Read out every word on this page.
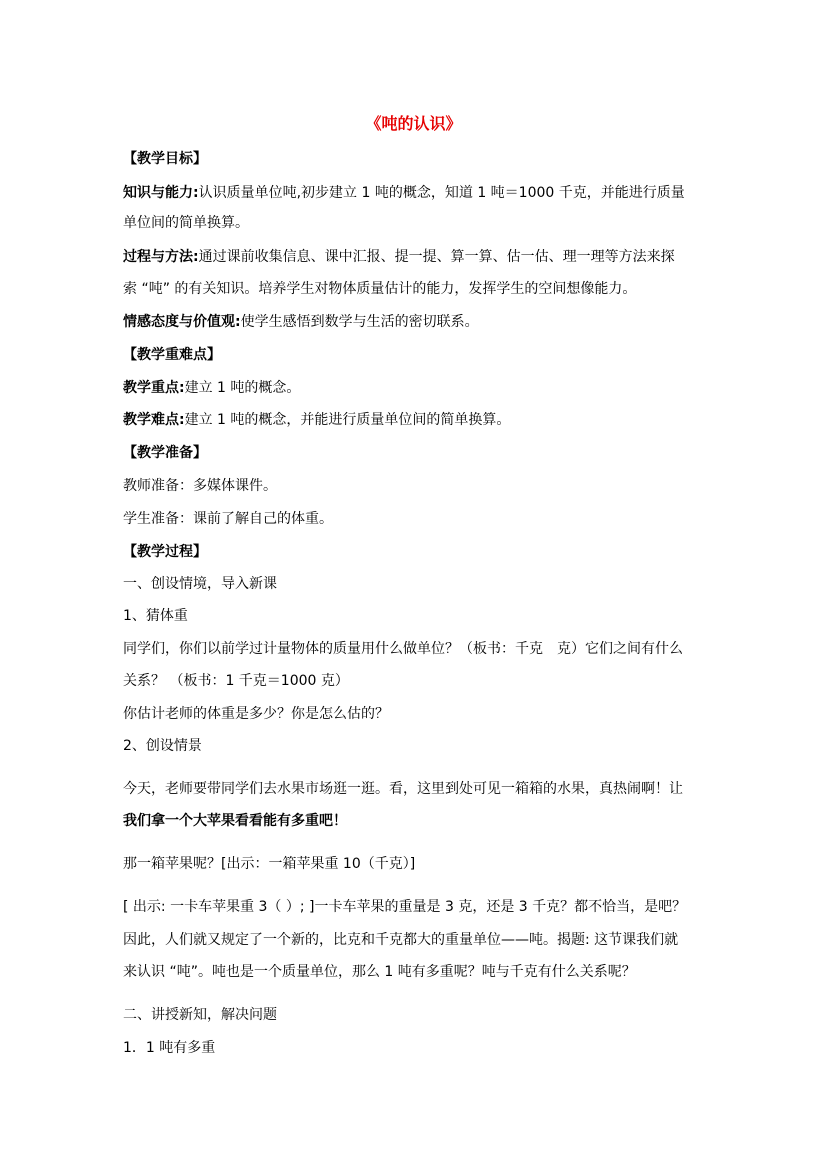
《吨的认识》
【教学目标】
知识与能力:认识质量单位吨,初步建立 1 吨的概念，知道 1 吨＝1000 千克，并能进行质量
单位间的简单换算。
过程与方法:通过课前收集信息、课中汇报、提一提、算一算、估一估、理一理等方法来探
索 “吨” 的有关知识。培养学生对物体质量估计的能力，发挥学生的空间想像能力。
情感态度与价值观:使学生感悟到数学与生活的密切联系。
【教学重难点】
教学重点:建立 1 吨的概念。
教学难点:建立 1 吨的概念，并能进行质量单位间的简单换算。
【教学准备】
教师准备：多媒体课件。
学生准备：课前了解自己的体重。
【教学过程】
一、创设情境，导入新课
1、猜体重
同学们，你们以前学过计量物体的质量用什么做单位？（板书：千克　克）它们之间有什么
关系？ （板书：1 千克＝1000 克）
你估计老师的体重是多少？你是怎么估的？
2、创设情景
今天，老师要带同学们去水果市场逛一逛。看，这里到处可见一箱箱的水果，真热闹啊！让
我们拿一个大苹果看看能有多重吧！
那一箱苹果呢？[出示：一箱苹果重 10（千克）]
[ 出示: 一卡车苹果重 3（ ）; ]一卡车苹果的重量是 3 克，还是 3 千克？都不恰当，是吧？
因此，人们就又规定了一个新的，比克和千克都大的重量单位——吨。揭题: 这节课我们就
来认识 “吨”。吨也是一个质量单位，那么 1 吨有多重呢？吨与千克有什么关系呢？
二、讲授新知，解决问题
1．1 吨有多重
